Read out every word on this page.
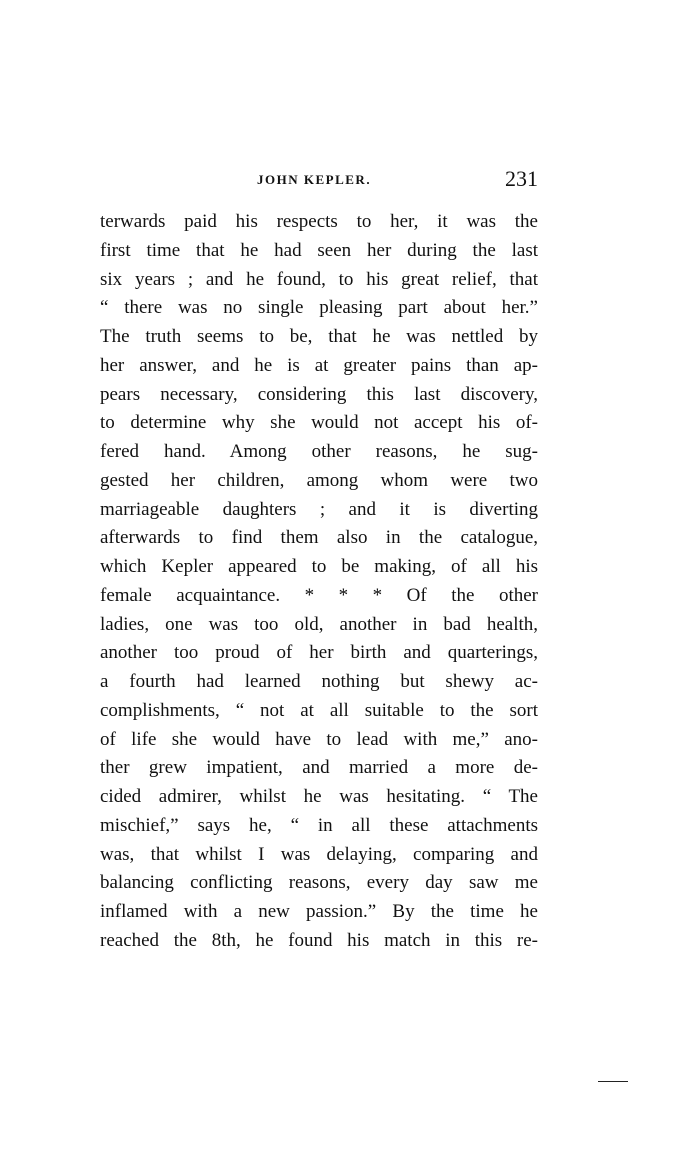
JOHN KEPLER.	231
terwards paid his respects to her, it was the
first time that he had seen her during the last
six years ; and he found, to his great relief, that
“ there was no single pleasing part about her.”
The truth seems to be, that he was nettled by
her answer, and he is at greater pains than ap-
pears necessary, considering this last discovery,
to determine why she would not accept his of-
fered hand. Among other reasons, he sug-
gested her children, among whom were two
marriageable daughters ; and it is diverting
afterwards to find them also in the catalogue,
which Kepler appeared to be making, of all his
female acquaintance. * * * Of the other
ladies, one was too old, another in bad health,
another too proud of her birth and quarterings,
a fourth had learned nothing but shewy ac-
complishments, “ not at all suitable to the sort
of life she would have to lead with me,” ano-
ther grew impatient, and married a more de-
cided admirer, whilst he was hesitating. “ The
mischief,” says he, “ in all these attachments
was, that whilst I was delaying, comparing and
balancing conflicting reasons, every day saw me
inflamed with a new passion.” By the time he
reached the 8th, he found his match in this re-
